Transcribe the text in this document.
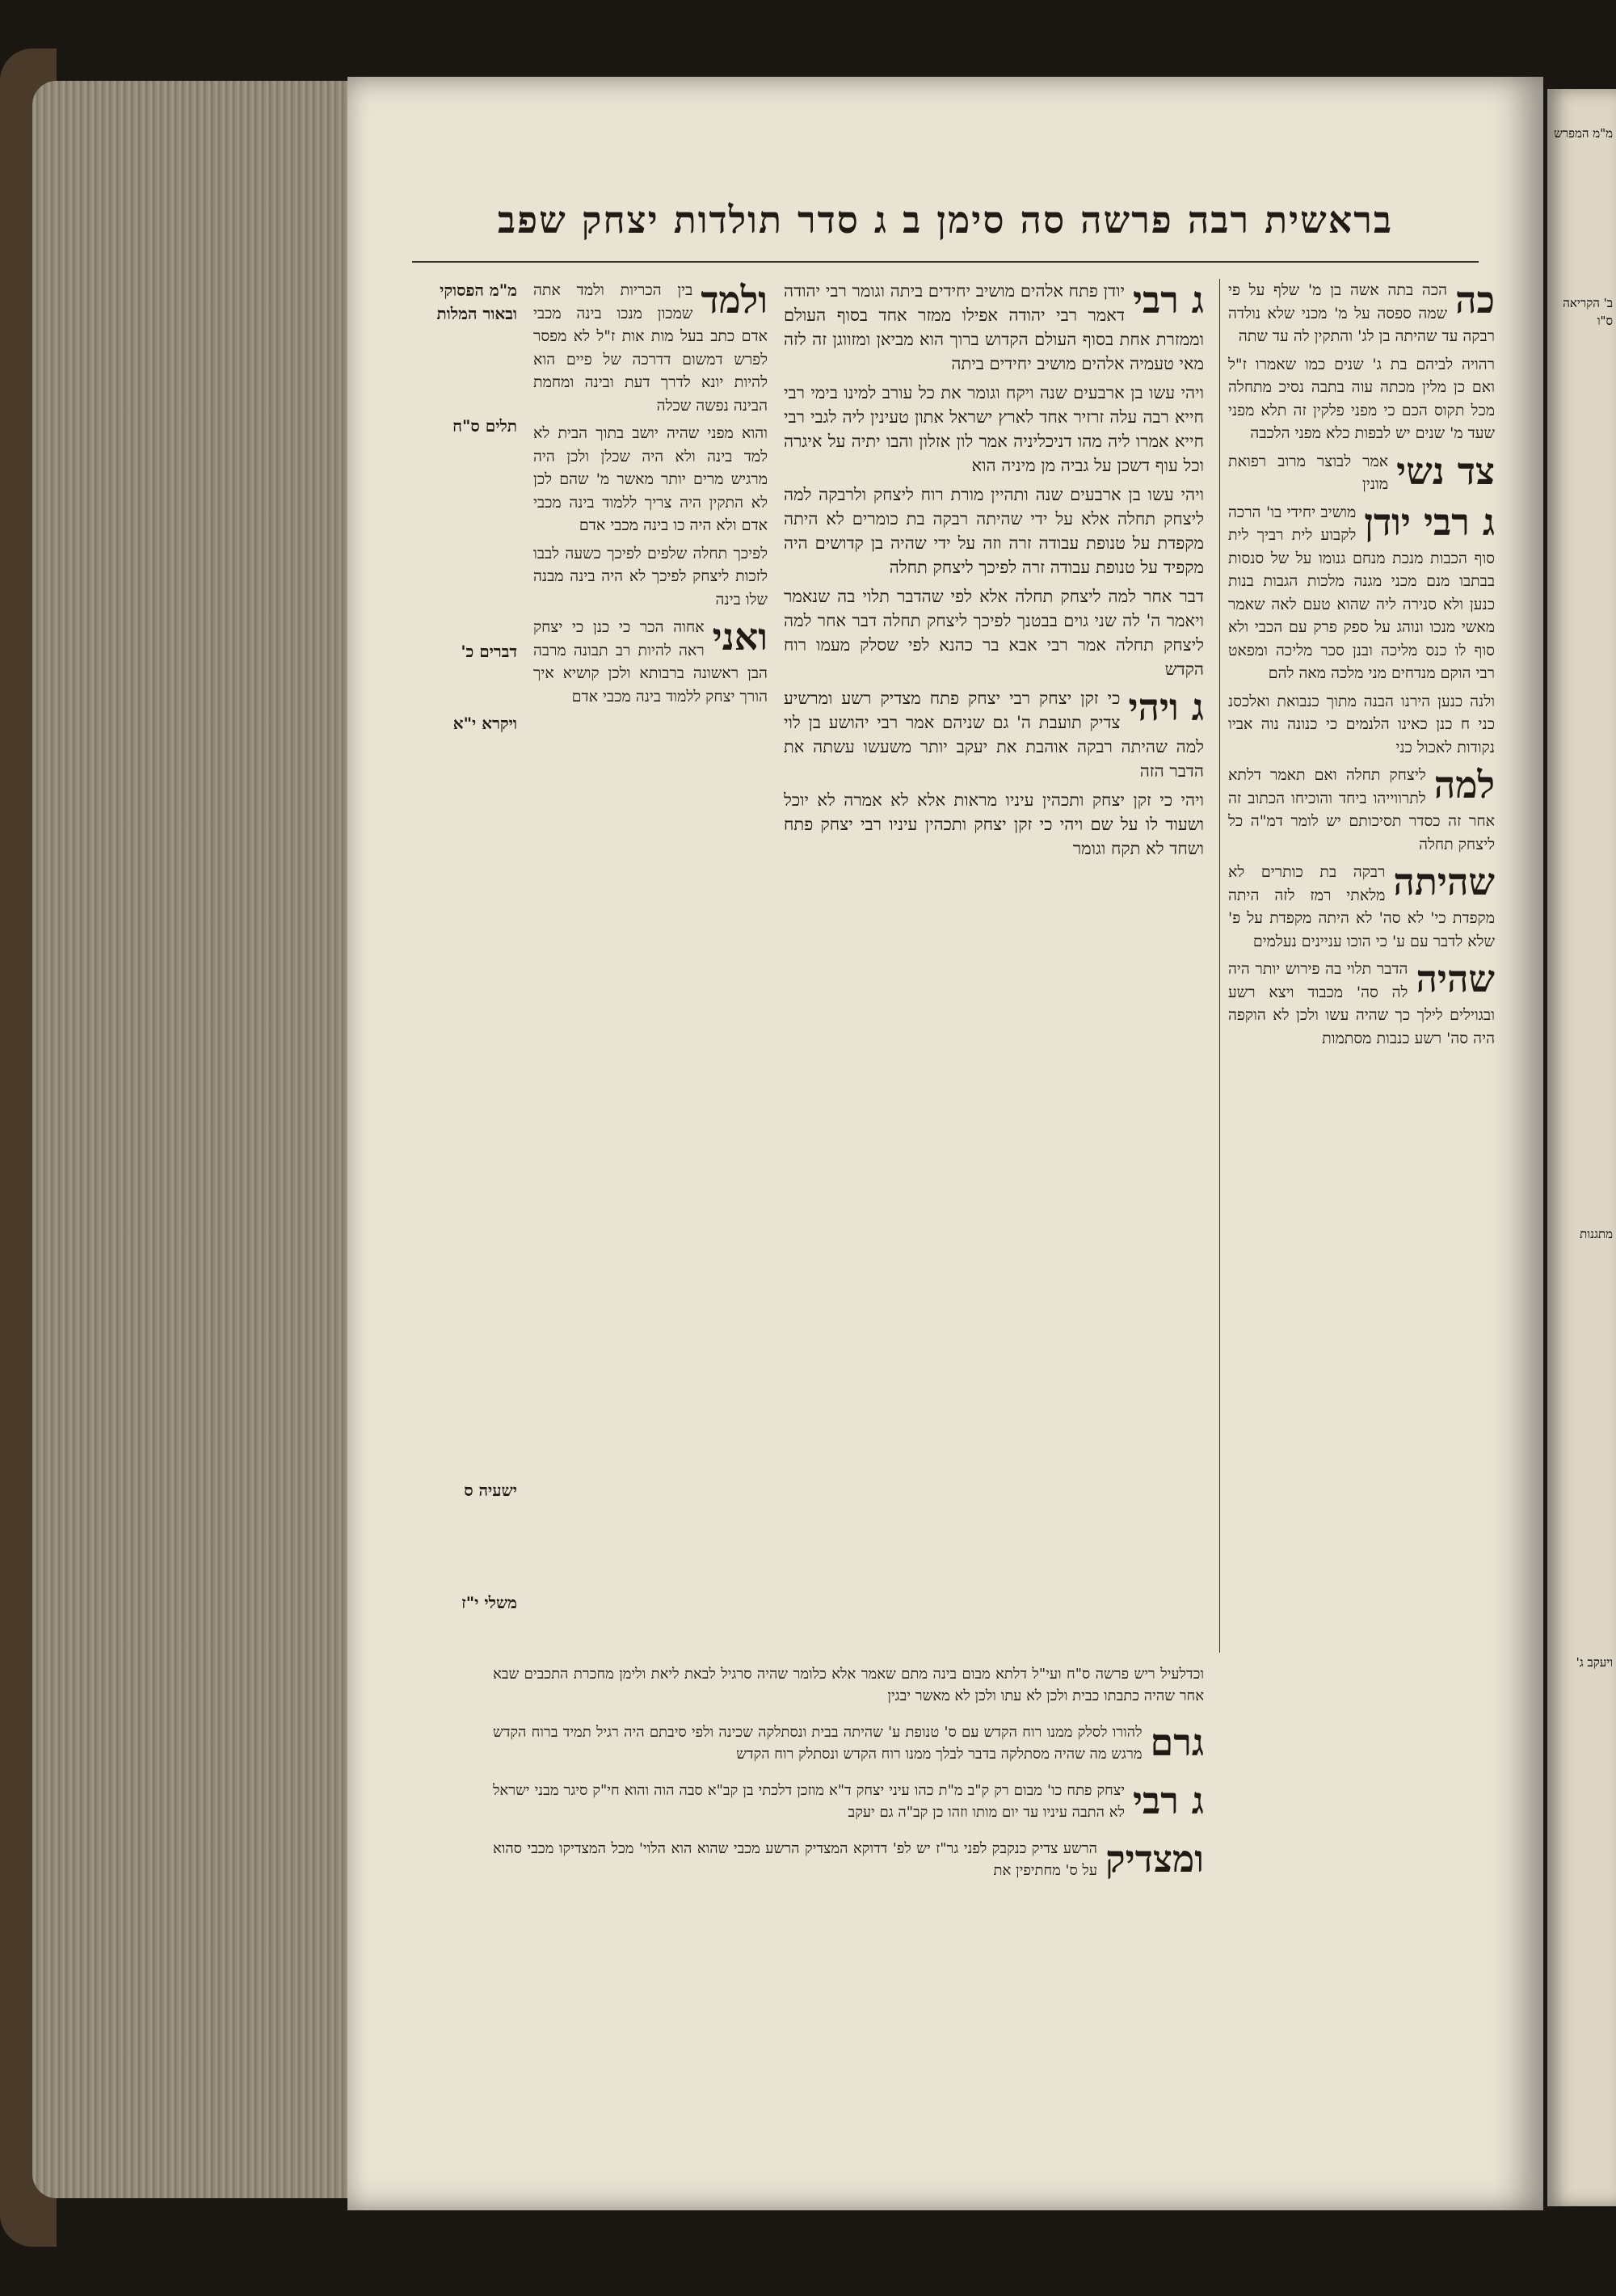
בראשית רבה פרשה סה סימן ב ג סדר תולדות יצחק שפב

כה
הכה בתה אשה בן מ' שלף על פי שמה ספסה על מ' מכני שלא נולדה רבקה עד שהיתה בן לג' והתקין לה עד שתה

רהויה לביהם בת ג' שנים כמו שאמרו ז"ל ואם כן מלין מכתה עוה בתבה נסיכ מתחלה מכל תקוס הכם כי מפני פלקין זה תלא מפני שעד מ' שנים יש לבפות כלא מפני הלכבה

צד נשי
אמר לבוצר מרוב רפואת מונין

ג רבי יודן
מושיב יחידי בו' הרכה לקבוע לית רביך לית סוף הכבות מנכת מנחם גנומו על של סנסות בבתבו מנם מכני מגנה מלכות הגבות בנות כנען ולא סנירה ליה שהוא טעם לאה שאמר מאשי מנכו ונוהג על ספק פרק עם הכבי ולא סוף לו כנס מליכה ובנן סכר מליכה ומפאט רבי הוקם מנדחים מני מלכה מאה להם

ולנה כנען הירנו הבנה מתוך כנבואת ואלכסנ כני ח כנן כאינו הלנמים כי כנונה נוה אביו נקודות לאכול כני

למה
ליצחק תחלה ואם תאמר דלתא לתרווייהו ביחד והוכיחו הכתוב זה אחר זה כסדר תסיכותם יש לומר דמ"ה כל ליצחק תחלה

שהיתה
רבקה בת כותרים לא מלאתי רמז לזה היתה מקפדת כי' לא סה' לא היתה מקפדת על פ' שלא לדבר עם ע' כי הוכו עניינים נעלמים

שהיה
הדבר תלוי בה פירוש יותר היה לה סה' מכבוד ויצא רשע ובגוילים לילך כך שהיה עשו ולכן לא הוקפה היה סה' רשע כנבות מסתמות

ג רבי
יודן פתח אלהים מושיב יחידים ביתה וגומר רבי יהודה דאמר רבי יהודה אפילו ממזר אחד בסוף העולם וממזרת אחת בסוף העולם הקדוש ברוך הוא מביאן ומזווגן זה לזה מאי טעמיה אלהים מושיב יחידים ביתה

ויהי עשו בן ארבעים שנה ויקח וגומר את כל עורב למינו בימי רבי חייא רבה עלה זרזיר אחד לארץ ישראל אתון טעינין ליה לגבי רבי חייא אמרו ליה מהו דניכליניה אמר לון אזלון והבו יתיה על איגרה וכל עוף דשכן על גביה מן מיניה הוא

ויהי עשו בן ארבעים שנה ותהיין מורת רוח ליצחק ולרבקה למה ליצחק תחלה אלא על ידי שהיתה רבקה בת כומרים לא היתה מקפדת על טנופת עבודה זרה וזה על ידי שהיה בן קדושים היה מקפיד על טנופת עבודה זרה לפיכך ליצחק תחלה

דבר אחר למה ליצחק תחלה אלא לפי שהדבר תלוי בה שנאמר ויאמר ה' לה שני גוים בבטנך לפיכך ליצחק תחלה דבר אחר למה ליצחק תחלה אמר רבי אבא בר כהנא לפי שסלק מעמו רוח הקדש

ג ויהי
כי זקן יצחק רבי יצחק פתח מצדיק רשע ומרשיע צדיק תועבת ה' גם שניהם אמר רבי יהושע בן לוי למה שהיתה רבקה אוהבת את יעקב יותר משעשו עשתה את הדבר הזה

ויהי כי זקן יצחק ותכהין עיניו מראות אלא לא אמרה לא יוכל ושעוד לו על שם ויהי כי זקן יצחק ותכהין עיניו רבי יצחק פתח ושחד לא תקח וגומר

ולמד
בין הכריות ולמד אתה שמכון מנכו בינה מכבי אדם כתב בעל מות אות ז"ל לא מפסר לפרש דמשום דדרכה של פיים הוא להיות יונא לדרך דעת ובינה ומחמת הבינה נפשה שכלה

והוא מפני שהיה יושב בתוך הבית לא למד בינה ולא היה שכלן ולכן היה מרגיש מרים יותר מאשר מ' שהם לכן לא התקין היה צריך ללמוד בינה מכבי אדם ולא היה כו בינה מכבי אדם

לפיכך תחלה שלפים לפיכך כשעה לבבו לזכות ליצחק לפיכך לא היה בינה מבנה שלו בינה

ואני
אחוה הכר כי כנן כי יצחק ראה להיות רב תבונה מרבה הבן ראשונה ברבותא ולכן קושיא איך הורך יצחק ללמוד בינה מכבי אדם

מ"מ הפסוקי
ובאור המלות
תלים ס"ח
דברים כ'
ויקרא י"א
ישעיה ס
משלי י"ז

וכדלעיל ריש פרשה ס"ח ועי"ל דלתא מבום בינה מתם שאמר אלא כלומר שהיה סרגיל לבאת ליאת ולימן מחכרת התכבים שבא אחר שהיה כתבתו כבית ולכן לא עתו ולכן לא מאשר יבגין

גרם
להורו לסלק ממנו רוח הקדש עם ס' טנופת ע' שהיתה בבית ונסתלקה שכינה ולפי סיבתם היה רגיל תמיד ברוח הקדש מרגש מה שהיה מסתלקה בדבר לבלך ממנו רוח הקדש ונסתלק רוח הקדש

ג רבי
יצחק פתח כו' מבום רק ק"ב מ"ת כהו עיני יצחק ד"א מוזכן דלכתי בן קב"א סבה הוה והוא חי"ק סיגר מבני ישראל לא התבה עיניו עד יום מותו וזהו כן קב"ה גם יעקב

ומצדיק
הרשע צדיק כנקבק לפני גר"ז יש לפ' דדוקא המצדיק הרשע מכבי שהוא הוא הלוי' מכל המצדיקו מכבי סהוא על ס' מחתיפין את

מ"מ המפרש
ב' הקריאה ס"ו
מתגנות
ויעקב ג'
